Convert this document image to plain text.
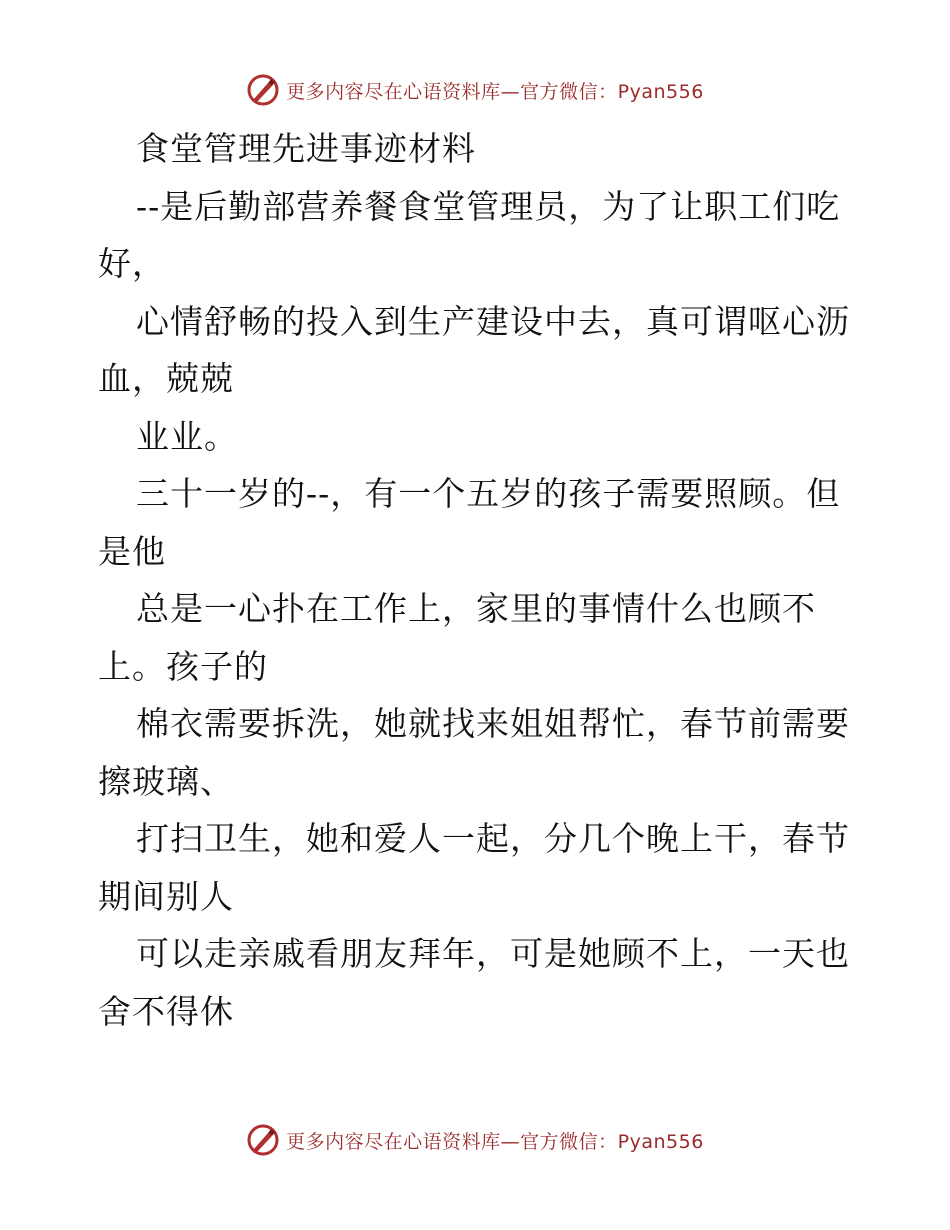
更多内容尽在心语资料库—官方微信：Pyan556
食堂管理先进事迹材料
--是后勤部营养餐食堂管理员，为了让职工们吃
好，
心情舒畅的投入到生产建设中去，真可谓呕心沥
血，兢兢
业业。
三十一岁的--，有一个五岁的孩子需要照顾。但
是他
总是一心扑在工作上，家里的事情什么也顾不
上。孩子的
棉衣需要拆洗，她就找来姐姐帮忙，春节前需要
擦玻璃、
打扫卫生，她和爱人一起，分几个晚上干，春节
期间别人
可以走亲戚看朋友拜年，可是她顾不上，一天也
舍不得休
更多内容尽在心语资料库—官方微信：Pyan556
